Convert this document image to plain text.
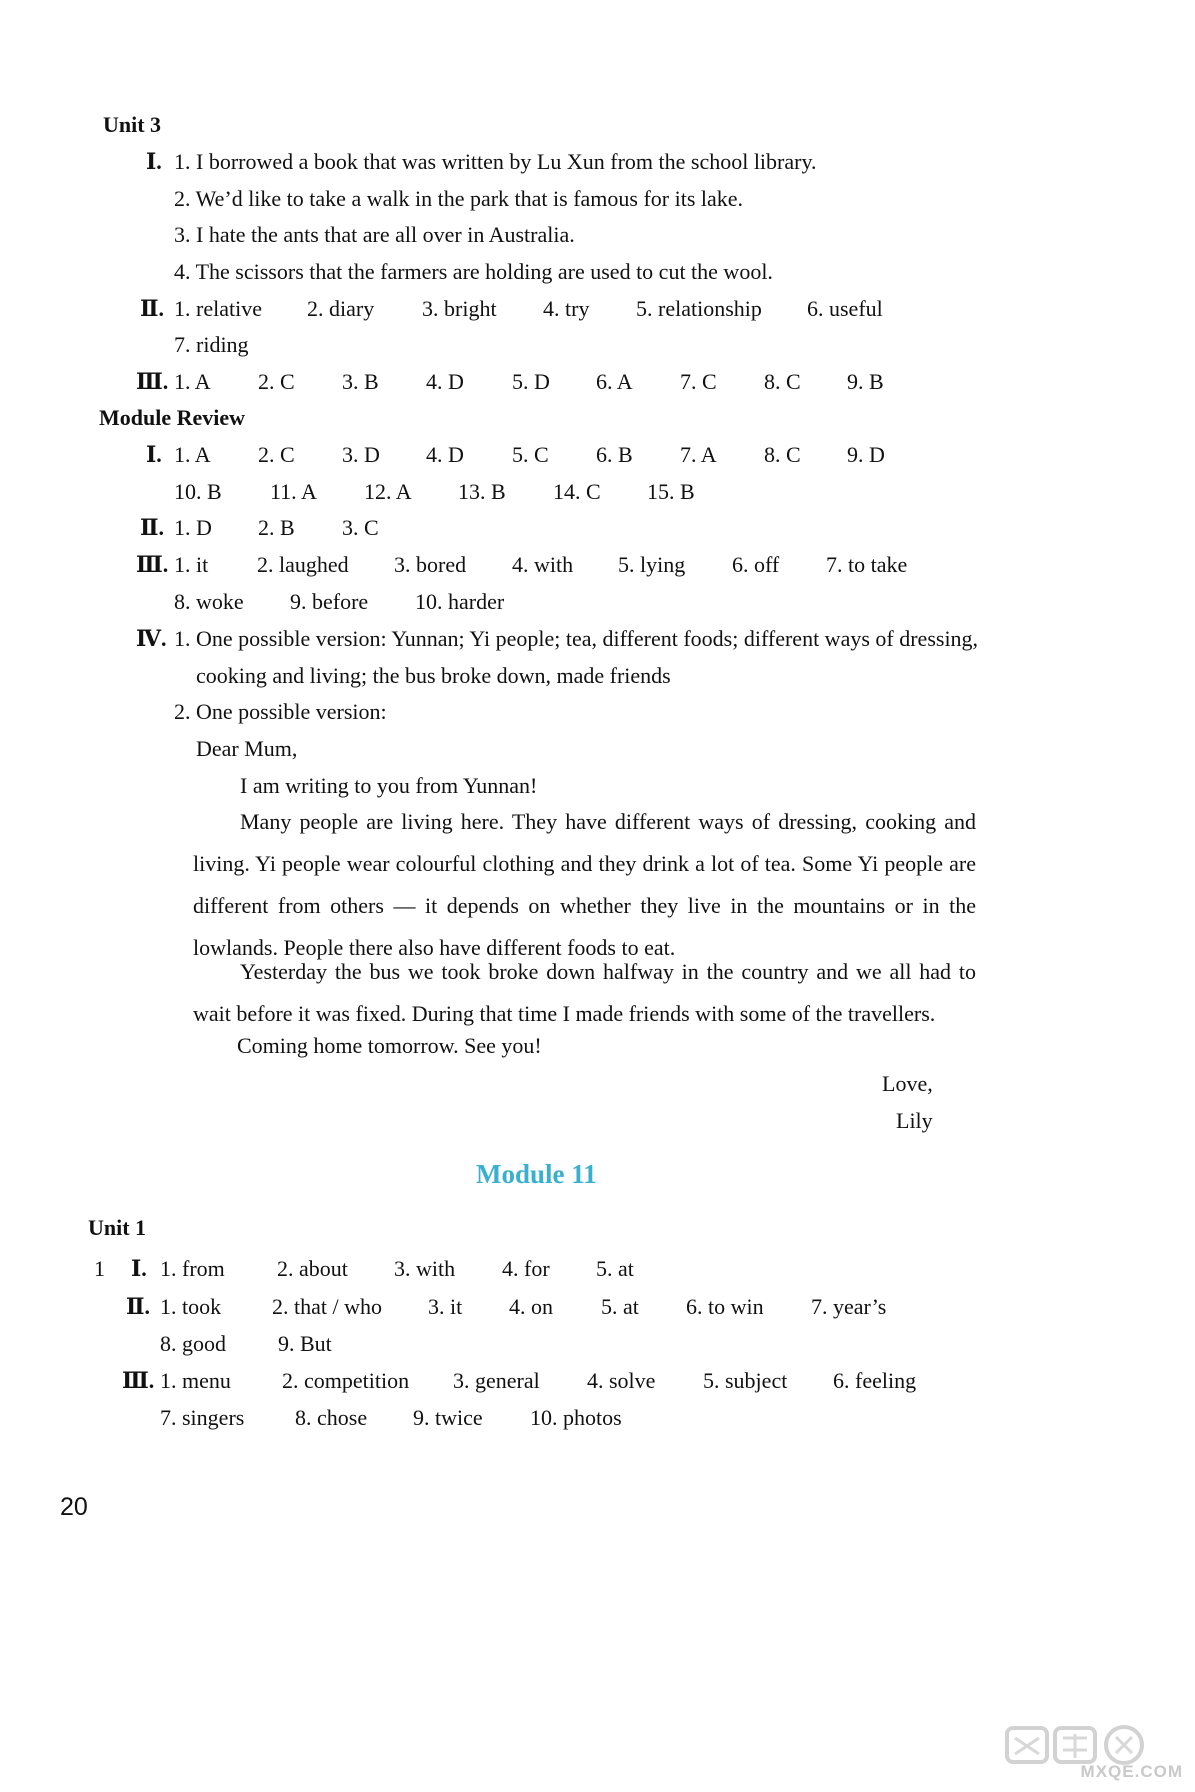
Unit 3
Ⅰ. 1. I borrowed a book that was written by Lu Xun from the school library.
2. We’d like to take a walk in the park that is famous for its lake.
3. I hate the ants that are all over in Australia.
4. The scissors that the farmers are holding are used to cut the wool.
Ⅱ. 1. relative 2. diary 3. bright 4. try 5. relationship 6. useful
7. riding
Ⅲ. 1. A 2. C 3. B 4. D 5. D 6. A 7. C 8. C 9. B
Module Review
Ⅰ. 1. A 2. C 3. D 4. D 5. C 6. B 7. A 8. C 9. D
10. B 11. A 12. A 13. B 14. C 15. B
Ⅱ. 1. D 2. B 3. C
Ⅲ. 1. it 2. laughed 3. bored 4. with 5. lying 6. off 7. to take
8. woke 9. before 10. harder
Ⅳ. 1. One possible version: Yunnan; Yi people; tea, different foods; different ways of dressing,
cooking and living; the bus broke down, made friends
2. One possible version:
Dear Mum,
I am writing to you from Yunnan!

Many people are living here. They have different ways of dressing, cooking and living. Yi people wear colourful clothing and they drink a lot of tea. Some Yi people are different from others — it depends on whether they live in the mountains or in the lowlands. People there also have different foods to eat.

Yesterday the bus we took broke down halfway in the country and we all had to wait before it was fixed. During that time I made friends with some of the travellers.

Coming home tomorrow. See you!
Love,
Lily
Module 11
Unit 1
1 Ⅰ. 1. from 2. about 3. with 4. for 5. at
Ⅱ. 1. took 2. that / who 3. it 4. on 5. at 6. to win 7. year’s
8. good 9. But
Ⅲ. 1. menu 2. competition 3. general 4. solve 5. subject 6. feeling
7. singers 8. chose 9. twice 10. photos
20
MXQE.COM
